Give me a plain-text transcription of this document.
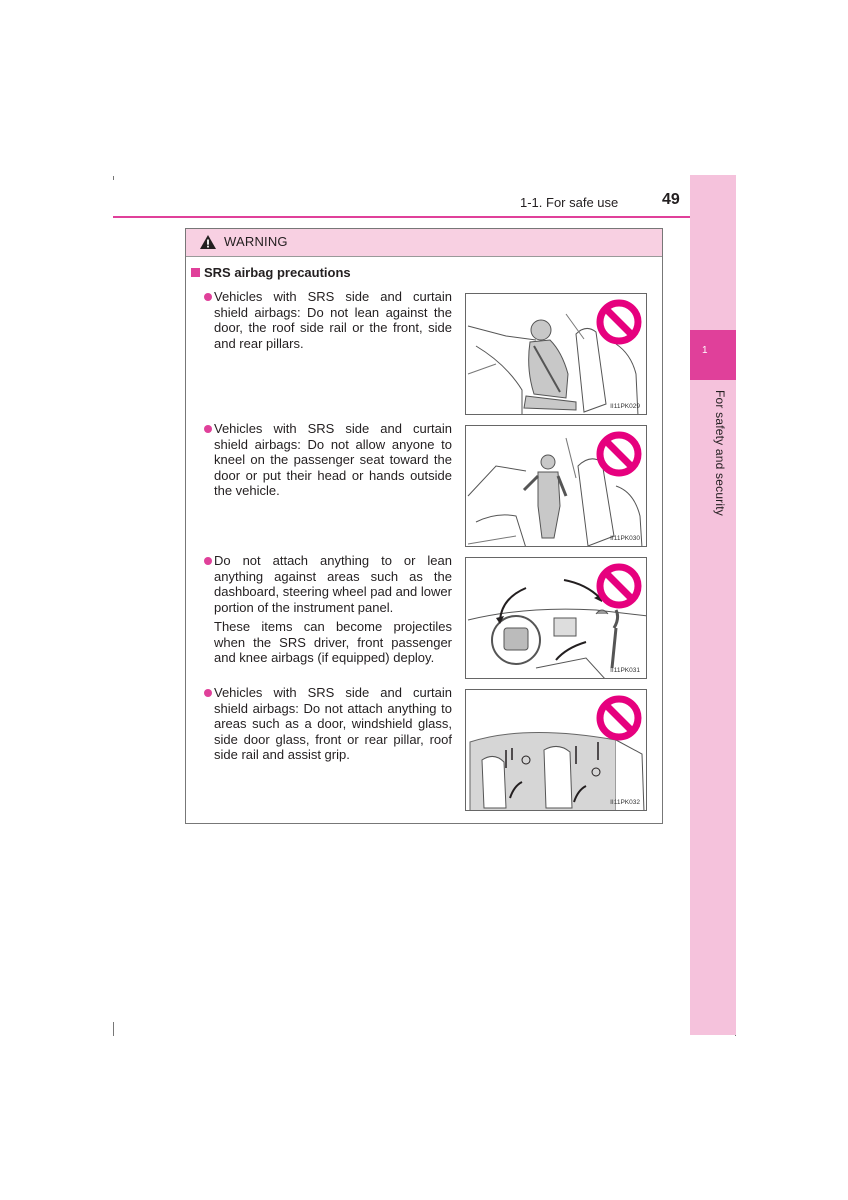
1-1. For safe use	49
1
For safety and security
WARNING
SRS airbag precautions

Vehicles with SRS side and curtain shield airbags: Do not lean against the door, the roof side rail or the front, side and rear pillars.

II11PK029

Vehicles with SRS side and curtain shield airbags: Do not allow anyone to kneel on the passenger seat toward the door or put their head or hands outside the vehicle.

II11PK030

Do not attach anything to or lean anything against areas such as the dashboard, steering wheel pad and lower portion of the instrument panel.

These items can become projectiles when the SRS driver, front passenger and knee airbags (if equipped) deploy.

II11PK031

Vehicles with SRS side and curtain shield airbags: Do not attach anything to areas such as a door, windshield glass, side door glass, front or rear pillar, roof side rail and assist grip.

II11PK032
